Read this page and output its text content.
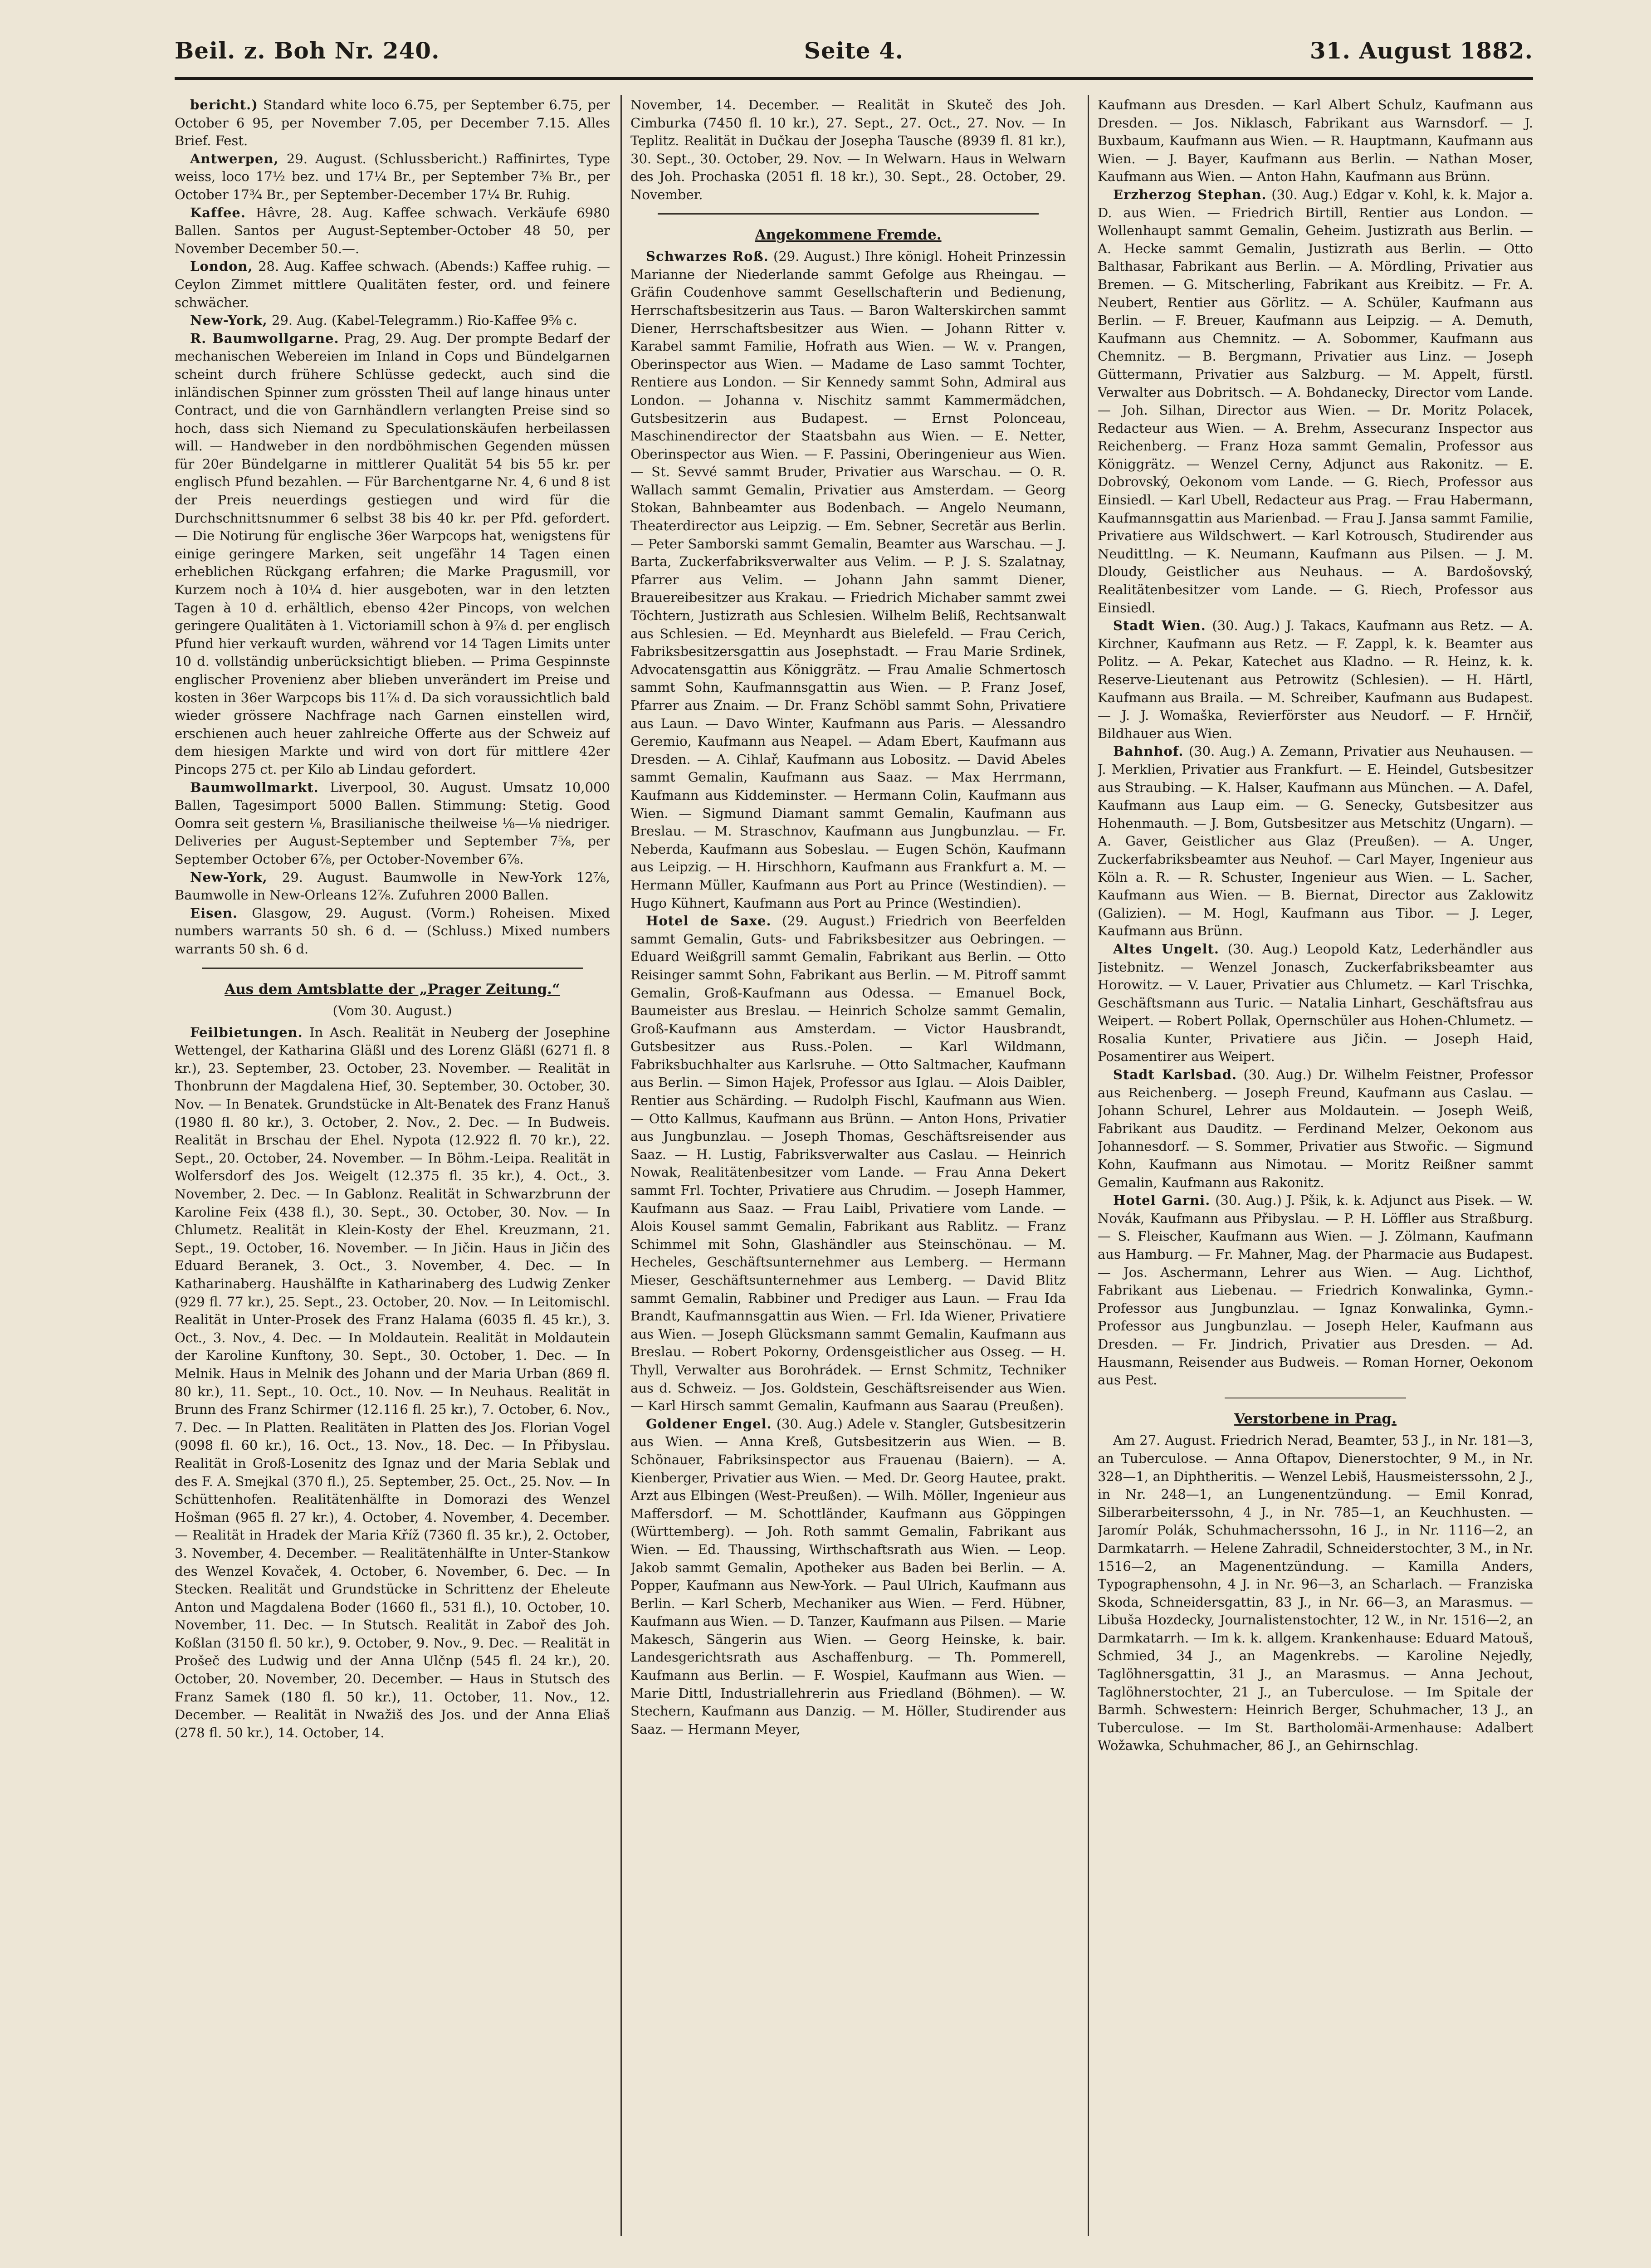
Beil. z. Boh Nr. 240.	Seite 4.	31. August 1882.

bericht.) Standard white loco 6.75, per September 6.75, per October 6 95, per November 7.05, per December 7.15. Alles Brief. Fest.

Antwerpen, 29. August. (Schlussbericht.) Raffinirtes, Type weiss, loco 17½ bez. und 17¼ Br., per September 7⅜ Br., per October 17¾ Br., per September-December 17¼ Br. Ruhig.

Kaffee. Hâvre, 28. Aug. Kaffee schwach. Verkäufe 6980 Ballen. Santos per August-September-October 48 50, per November December 50.—.

London, 28. Aug. Kaffee schwach. (Abends:) Kaffee ruhig. — Ceylon Zimmet mittlere Qualitäten fester, ord. und feinere schwächer.

New-York, 29. Aug. (Kabel-Telegramm.) Rio-Kaffee 9⅝ c.

R. Baumwollgarne. Prag, 29. Aug. Der prompte Bedarf der mechanischen Webereien im Inland in Cops und Bündelgarnen scheint durch frühere Schlüsse gedeckt, auch sind die inländischen Spinner zum grössten Theil auf lange hinaus unter Contract, und die von Garnhändlern verlangten Preise sind so hoch, dass sich Niemand zu Speculationskäufen herbeilassen will. — Handweber in den nordböhmischen Gegenden müssen für 20er Bündelgarne in mittlerer Qualität 54 bis 55 kr. per englisch Pfund bezahlen. — Für Barchentgarne Nr. 4, 6 und 8 ist der Preis neuerdings gestiegen und wird für die Durchschnittsnummer 6 selbst 38 bis 40 kr. per Pfd. gefordert. — Die Notirung für englische 36er Warpcops hat, wenigstens für einige geringere Marken, seit ungefähr 14 Tagen einen erheblichen Rückgang erfahren; die Marke Pragusmill, vor Kurzem noch à 10¼ d. hier ausgeboten, war in den letzten Tagen à 10 d. erhältlich, ebenso 42er Pincops, von welchen geringere Qualitäten à 1. Victoriamill schon à 9⅞ d. per englisch Pfund hier verkauft wurden, während vor 14 Tagen Limits unter 10 d. vollständig unberücksichtigt blieben. — Prima Gespinnste englischer Provenienz aber blieben unverändert im Preise und kosten in 36er Warpcops bis 11⅞ d. Da sich voraussichtlich bald wieder grössere Nachfrage nach Garnen einstellen wird, erschienen auch heuer zahlreiche Offerte aus der Schweiz auf dem hiesigen Markte und wird von dort für mittlere 42er Pincops 275 ct. per Kilo ab Lindau gefordert.

Baumwollmarkt. Liverpool, 30. August. Umsatz 10,000 Ballen, Tagesimport 5000 Ballen. Stimmung: Stetig. Good Oomra seit gestern ⅛, Brasilianische theilweise ⅛—⅛ niedriger. Deliveries per August-September und September 7⅝, per September October 6⅞, per October-November 6⅞.

New-York, 29. August. Baumwolle in New-York 12⅞, Baumwolle in New-Orleans 12⅞. Zufuhren 2000 Ballen.

Eisen. Glasgow, 29. August. (Vorm.) Roheisen. Mixed numbers warrants 50 sh. 6 d. — (Schluss.) Mixed numbers warrants 50 sh. 6 d.

Aus dem Amtsblatte der „Prager Zeitung.“

(Vom 30. August.)

Feilbietungen. In Asch. Realität in Neuberg der Josephine Wettengel, der Katharina Gläßl und des Lorenz Gläßl (6271 fl. 8 kr.), 23. September, 23. October, 23. November. — Realität in Thonbrunn der Magdalena Hief, 30. September, 30. October, 30. Nov. — In Benatek. Grundstücke in Alt-Benatek des Franz Hanuš (1980 fl. 80 kr.), 3. October, 2. Nov., 2. Dec. — In Budweis. Realität in Brschau der Ehel. Nypota (12.922 fl. 70 kr.), 22. Sept., 20. October, 24. November. — In Böhm.-Leipa. Realität in Wolfersdorf des Jos. Weigelt (12.375 fl. 35 kr.), 4. Oct., 3. November, 2. Dec. — In Gablonz. Realität in Schwarzbrunn der Karoline Feix (438 fl.), 30. Sept., 30. October, 30. Nov. — In Chlumetz. Realität in Klein-Kosty der Ehel. Kreuzmann, 21. Sept., 19. October, 16. November. — In Jičin. Haus in Jičin des Eduard Beranek, 3. Oct., 3. November, 4. Dec. — In Katharinaberg. Haushälfte in Katharinaberg des Ludwig Zenker (929 fl. 77 kr.), 25. Sept., 23. October, 20. Nov. — In Leitomischl. Realität in Unter-Prosek des Franz Halama (6035 fl. 45 kr.), 3. Oct., 3. Nov., 4. Dec. — In Moldautein. Realität in Moldautein der Karoline Kunftony, 30. Sept., 30. October, 1. Dec. — In Melnik. Haus in Melnik des Johann und der Maria Urban (869 fl. 80 kr.), 11. Sept., 10. Oct., 10. Nov. — In Neuhaus. Realität in Brunn des Franz Schirmer (12.116 fl. 25 kr.), 7. October, 6. Nov., 7. Dec. — In Platten. Realitäten in Platten des Jos. Florian Vogel (9098 fl. 60 kr.), 16. Oct., 13. Nov., 18. Dec. — In Přibyslau. Realität in Groß-Losenitz des Ignaz und der Maria Seblak und des F. A. Smejkal (370 fl.), 25. September, 25. Oct., 25. Nov. — In Schüttenhofen. Realitätenhälfte in Domorazi des Wenzel Hošman (965 fl. 27 kr.), 4. October, 4. November, 4. December. — Realität in Hradek der Maria Kříž (7360 fl. 35 kr.), 2. October, 3. November, 4. December. — Realitätenhälfte in Unter-Stankow des Wenzel Kovaček, 4. October, 6. November, 6. Dec. — In Stecken. Realität und Grundstücke in Schrittenz der Eheleute Anton und Magdalena Boder (1660 fl., 531 fl.), 10. October, 10. November, 11. Dec. — In Stutsch. Realität in Zaboř des Joh. Koßlan (3150 fl. 50 kr.), 9. October, 9. Nov., 9. Dec. — Realität in Prošeč des Ludwig und der Anna Ulčnp (545 fl. 24 kr.), 20. October, 20. November, 20. December. — Haus in Stutsch des Franz Samek (180 fl. 50 kr.), 11. October, 11. Nov., 12. December. — Realität in Nwažiš des Jos. und der Anna Eliaš (278 fl. 50 kr.), 14. October, 14.

November, 14. December. — Realität in Skuteč des Joh. Cimburka (7450 fl. 10 kr.), 27. Sept., 27. Oct., 27. Nov. — In Teplitz. Realität in Dučkau der Josepha Tausche (8939 fl. 81 kr.), 30. Sept., 30. October, 29. Nov. — In Welwarn. Haus in Welwarn des Joh. Prochaska (2051 fl. 18 kr.), 30. Sept., 28. October, 29. November.

Angekommene Fremde.

Schwarzes Roß. (29. August.) Ihre königl. Hoheit Prinzessin Marianne der Niederlande sammt Gefolge aus Rheingau. — Gräfin Coudenhove sammt Gesellschafterin und Bedienung, Herrschaftsbesitzerin aus Taus. — Baron Walterskirchen sammt Diener, Herrschaftsbesitzer aus Wien. — Johann Ritter v. Karabel sammt Familie, Hofrath aus Wien. — W. v. Prangen, Oberinspector aus Wien. — Madame de Laso sammt Tochter, Rentiere aus London. — Sir Kennedy sammt Sohn, Admiral aus London. — Johanna v. Nischitz sammt Kammermädchen, Gutsbesitzerin aus Budapest. — Ernst Polonceau, Maschinendirector der Staatsbahn aus Wien. — E. Netter, Oberinspector aus Wien. — F. Passini, Oberingenieur aus Wien. — St. Sevvé sammt Bruder, Privatier aus Warschau. — O. R. Wallach sammt Gemalin, Privatier aus Amsterdam. — Georg Stokan, Bahnbeamter aus Bodenbach. — Angelo Neumann, Theaterdirector aus Leipzig. — Em. Sebner, Secretär aus Berlin. — Peter Samborski sammt Gemalin, Beamter aus Warschau. — J. Barta, Zuckerfabriksverwalter aus Velim. — P. J. S. Szalatnay, Pfarrer aus Velim. — Johann Jahn sammt Diener, Brauereibesitzer aus Krakau. — Friedrich Michaber sammt zwei Töchtern, Justizrath aus Schlesien. Wilhelm Beliß, Rechtsanwalt aus Schlesien. — Ed. Meynhardt aus Bielefeld. — Frau Cerich, Fabriksbesitzersgattin aus Josephstadt. — Frau Marie Srdinek, Advocatensgattin aus Königgrätz. — Frau Amalie Schmertosch sammt Sohn, Kaufmannsgattin aus Wien. — P. Franz Josef, Pfarrer aus Znaim. — Dr. Franz Schöbl sammt Sohn, Privatiere aus Laun. — Davo Winter, Kaufmann aus Paris. — Alessandro Geremio, Kaufmann aus Neapel. — Adam Ebert, Kaufmann aus Dresden. — A. Cihlař, Kaufmann aus Lobositz. — David Abeles sammt Gemalin, Kaufmann aus Saaz. — Max Herrmann, Kaufmann aus Kiddeminster. — Hermann Colin, Kaufmann aus Wien. — Sigmund Diamant sammt Gemalin, Kaufmann aus Breslau. — M. Straschnov, Kaufmann aus Jungbunzlau. — Fr. Neberda, Kaufmann aus Sobeslau. — Eugen Schön, Kaufmann aus Leipzig. — H. Hirschhorn, Kaufmann aus Frankfurt a. M. — Hermann Müller, Kaufmann aus Port au Prince (Westindien). — Hugo Kühnert, Kaufmann aus Port au Prince (Westindien).

Hotel de Saxe. (29. August.) Friedrich von Beerfelden sammt Gemalin, Guts- und Fabriksbesitzer aus Oebringen. — Eduard Weißgrill sammt Gemalin, Fabrikant aus Berlin. — Otto Reisinger sammt Sohn, Fabrikant aus Berlin. — M. Pitroff sammt Gemalin, Groß-Kaufmann aus Odessa. — Emanuel Bock, Baumeister aus Breslau. — Heinrich Scholze sammt Gemalin, Groß-Kaufmann aus Amsterdam. — Victor Hausbrandt, Gutsbesitzer aus Russ.-Polen. — Karl Wildmann, Fabriksbuchhalter aus Karlsruhe. — Otto Saltmacher, Kaufmann aus Berlin. — Simon Hajek, Professor aus Iglau. — Alois Daibler, Rentier aus Schärding. — Rudolph Fischl, Kaufmann aus Wien. — Otto Kallmus, Kaufmann aus Brünn. — Anton Hons, Privatier aus Jungbunzlau. — Joseph Thomas, Geschäftsreisender aus Saaz. — H. Lustig, Fabriksverwalter aus Caslau. — Heinrich Nowak, Realitätenbesitzer vom Lande. — Frau Anna Dekert sammt Frl. Tochter, Privatiere aus Chrudim. — Joseph Hammer, Kaufmann aus Saaz. — Frau Laibl, Privatiere vom Lande. — Alois Kousel sammt Gemalin, Fabrikant aus Rablitz. — Franz Schimmel mit Sohn, Glashändler aus Steinschönau. — M. Hecheles, Geschäftsunternehmer aus Lemberg. — Hermann Mieser, Geschäftsunternehmer aus Lemberg. — David Blitz sammt Gemalin, Rabbiner und Prediger aus Laun. — Frau Ida Brandt, Kaufmannsgattin aus Wien. — Frl. Ida Wiener, Privatiere aus Wien. — Joseph Glücksmann sammt Gemalin, Kaufmann aus Breslau. — Robert Pokorny, Ordensgeistlicher aus Osseg. — H. Thyll, Verwalter aus Borohrádek. — Ernst Schmitz, Techniker aus d. Schweiz. — Jos. Goldstein, Geschäftsreisender aus Wien. — Karl Hirsch sammt Gemalin, Kaufmann aus Saarau (Preußen).

Goldener Engel. (30. Aug.) Adele v. Stangler, Gutsbesitzerin aus Wien. — Anna Kreß, Gutsbesitzerin aus Wien. — B. Schönauer, Fabriksinspector aus Frauenau (Baiern). — A. Kienberger, Privatier aus Wien. — Med. Dr. Georg Hautee, prakt. Arzt aus Elbingen (West-Preußen). — Wilh. Möller, Ingenieur aus Maffersdorf. — M. Schottländer, Kaufmann aus Göppingen (Württemberg). — Joh. Roth sammt Gemalin, Fabrikant aus Wien. — Ed. Thaussing, Wirthschaftsrath aus Wien. — Leop. Jakob sammt Gemalin, Apotheker aus Baden bei Berlin. — A. Popper, Kaufmann aus New-York. — Paul Ulrich, Kaufmann aus Berlin. — Karl Scherb, Mechaniker aus Wien. — Ferd. Hübner, Kaufmann aus Wien. — D. Tanzer, Kaufmann aus Pilsen. — Marie Makesch, Sängerin aus Wien. — Georg Heinske, k. bair. Landesgerichtsrath aus Aschaffenburg. — Th. Pommerell, Kaufmann aus Berlin. — F. Wospiel, Kaufmann aus Wien. — Marie Dittl, Industriallehrerin aus Friedland (Böhmen). — W. Stechern, Kaufmann aus Danzig. — M. Höller, Studirender aus Saaz. — Hermann Meyer,

Kaufmann aus Dresden. — Karl Albert Schulz, Kaufmann aus Dresden. — Jos. Niklasch, Fabrikant aus Warnsdorf. — J. Buxbaum, Kaufmann aus Wien. — R. Hauptmann, Kaufmann aus Wien. — J. Bayer, Kaufmann aus Berlin. — Nathan Moser, Kaufmann aus Wien. — Anton Hahn, Kaufmann aus Brünn.

Erzherzog Stephan. (30. Aug.) Edgar v. Kohl, k. k. Major a. D. aus Wien. — Friedrich Birtill, Rentier aus London. — Wollenhaupt sammt Gemalin, Geheim. Justizrath aus Berlin. — A. Hecke sammt Gemalin, Justizrath aus Berlin. — Otto Balthasar, Fabrikant aus Berlin. — A. Mördling, Privatier aus Bremen. — G. Mitscherling, Fabrikant aus Kreibitz. — Fr. A. Neubert, Rentier aus Görlitz. — A. Schüler, Kaufmann aus Berlin. — F. Breuer, Kaufmann aus Leipzig. — A. Demuth, Kaufmann aus Chemnitz. — A. Sobommer, Kaufmann aus Chemnitz. — B. Bergmann, Privatier aus Linz. — Joseph Güttermann, Privatier aus Salzburg. — M. Appelt, fürstl. Verwalter aus Dobritsch. — A. Bohdanecky, Director vom Lande. — Joh. Silhan, Director aus Wien. — Dr. Moritz Polacek, Redacteur aus Wien. — A. Brehm, Assecuranz Inspector aus Reichenberg. — Franz Hoza sammt Gemalin, Professor aus Königgrätz. — Wenzel Cerny, Adjunct aus Rakonitz. — E. Dobrovský, Oekonom vom Lande. — G. Riech, Professor aus Einsiedl. — Karl Ubell, Redacteur aus Prag. — Frau Habermann, Kaufmannsgattin aus Marienbad. — Frau J. Jansa sammt Familie, Privatiere aus Wildschwert. — Karl Kotrousch, Studirender aus Neudittlng. — K. Neumann, Kaufmann aus Pilsen. — J. M. Dloudy, Geistlicher aus Neuhaus. — A. Bardošovský, Realitätenbesitzer vom Lande. — G. Riech, Professor aus Einsiedl.

Stadt Wien. (30. Aug.) J. Takacs, Kaufmann aus Retz. — A. Kirchner, Kaufmann aus Retz. — F. Zappl, k. k. Beamter aus Politz. — A. Pekar, Katechet aus Kladno. — R. Heinz, k. k. Reserve-Lieutenant aus Petrowitz (Schlesien). — H. Härtl, Kaufmann aus Braila. — M. Schreiber, Kaufmann aus Budapest. — J. J. Womaška, Revierförster aus Neudorf. — F. Hrnčiř, Bildhauer aus Wien.

Bahnhof. (30. Aug.) A. Zemann, Privatier aus Neuhausen. — J. Merklien, Privatier aus Frankfurt. — E. Heindel, Gutsbesitzer aus Straubing. — K. Halser, Kaufmann aus München. — A. Dafel, Kaufmann aus Laup eim. — G. Senecky, Gutsbesitzer aus Hohenmauth. — J. Bom, Gutsbesitzer aus Metschitz (Ungarn). — A. Gaver, Geistlicher aus Glaz (Preußen). — A. Unger, Zuckerfabriksbeamter aus Neuhof. — Carl Mayer, Ingenieur aus Köln a. R. — R. Schuster, Ingenieur aus Wien. — L. Sacher, Kaufmann aus Wien. — B. Biernat, Director aus Zaklowitz (Galizien). — M. Hogl, Kaufmann aus Tibor. — J. Leger, Kaufmann aus Brünn.

Altes Ungelt. (30. Aug.) Leopold Katz, Lederhändler aus Jistebnitz. — Wenzel Jonasch, Zuckerfabriksbeamter aus Horowitz. — V. Lauer, Privatier aus Chlumetz. — Karl Trischka, Geschäftsmann aus Turic. — Natalia Linhart, Geschäftsfrau aus Weipert. — Robert Pollak, Opernschüler aus Hohen-Chlumetz. — Rosalia Kunter, Privatiere aus Jičin. — Joseph Haid, Posamentirer aus Weipert.

Stadt Karlsbad. (30. Aug.) Dr. Wilhelm Feistner, Professor aus Reichenberg. — Joseph Freund, Kaufmann aus Caslau. — Johann Schurel, Lehrer aus Moldautein. — Joseph Weiß, Fabrikant aus Dauditz. — Ferdinand Melzer, Oekonom aus Johannesdorf. — S. Sommer, Privatier aus Stwořic. — Sigmund Kohn, Kaufmann aus Nimotau. — Moritz Reißner sammt Gemalin, Kaufmann aus Rakonitz.

Hotel Garni. (30. Aug.) J. Pšik, k. k. Adjunct aus Pisek. — W. Novák, Kaufmann aus Přibyslau. — P. H. Löffler aus Straßburg. — S. Fleischer, Kaufmann aus Wien. — J. Zölmann, Kaufmann aus Hamburg. — Fr. Mahner, Mag. der Pharmacie aus Budapest. — Jos. Aschermann, Lehrer aus Wien. — Aug. Lichthof, Fabrikant aus Liebenau. — Friedrich Konwalinka, Gymn.-Professor aus Jungbunzlau. — Ignaz Konwalinka, Gymn.-Professor aus Jungbunzlau. — Joseph Heler, Kaufmann aus Dresden. — Fr. Jindrich, Privatier aus Dresden. — Ad. Hausmann, Reisender aus Budweis. — Roman Horner, Oekonom aus Pest.

Verstorbene in Prag.

Am 27. August. Friedrich Nerad, Beamter, 53 J., in Nr. 181—3, an Tuberculose. — Anna Oftapov, Dienerstochter, 9 M., in Nr. 328—1, an Diphtheritis. — Wenzel Lebiš, Hausmeisterssohn, 2 J., in Nr. 248—1, an Lungenentzündung. — Emil Konrad, Silberarbeiterssohn, 4 J., in Nr. 785—1, an Keuchhusten. — Jaromír Polák, Schuhmacherssohn, 16 J., in Nr. 1116—2, an Darmkatarrh. — Helene Zahradil, Schneiderstochter, 3 M., in Nr. 1516—2, an Magenentzündung. — Kamilla Anders, Typographensohn, 4 J. in Nr. 96—3, an Scharlach. — Franziska Skoda, Schneidersgattin, 83 J., in Nr. 66—3, an Marasmus. — Libuša Hozdecky, Journalistenstochter, 12 W., in Nr. 1516—2, an Darmkatarrh. — Im k. k. allgem. Krankenhause: Eduard Matouš, Schmied, 34 J., an Magenkrebs. — Karoline Nejedly, Taglöhnersgattin, 31 J., an Marasmus. — Anna Jechout, Taglöhnerstochter, 21 J., an Tuberculose. — Im Spitale der Barmh. Schwestern: Heinrich Berger, Schuhmacher, 13 J., an Tuberculose. — Im St. Bartholomäi-Armenhause: Adalbert Wožawka, Schuhmacher, 86 J., an Gehirnschlag.
